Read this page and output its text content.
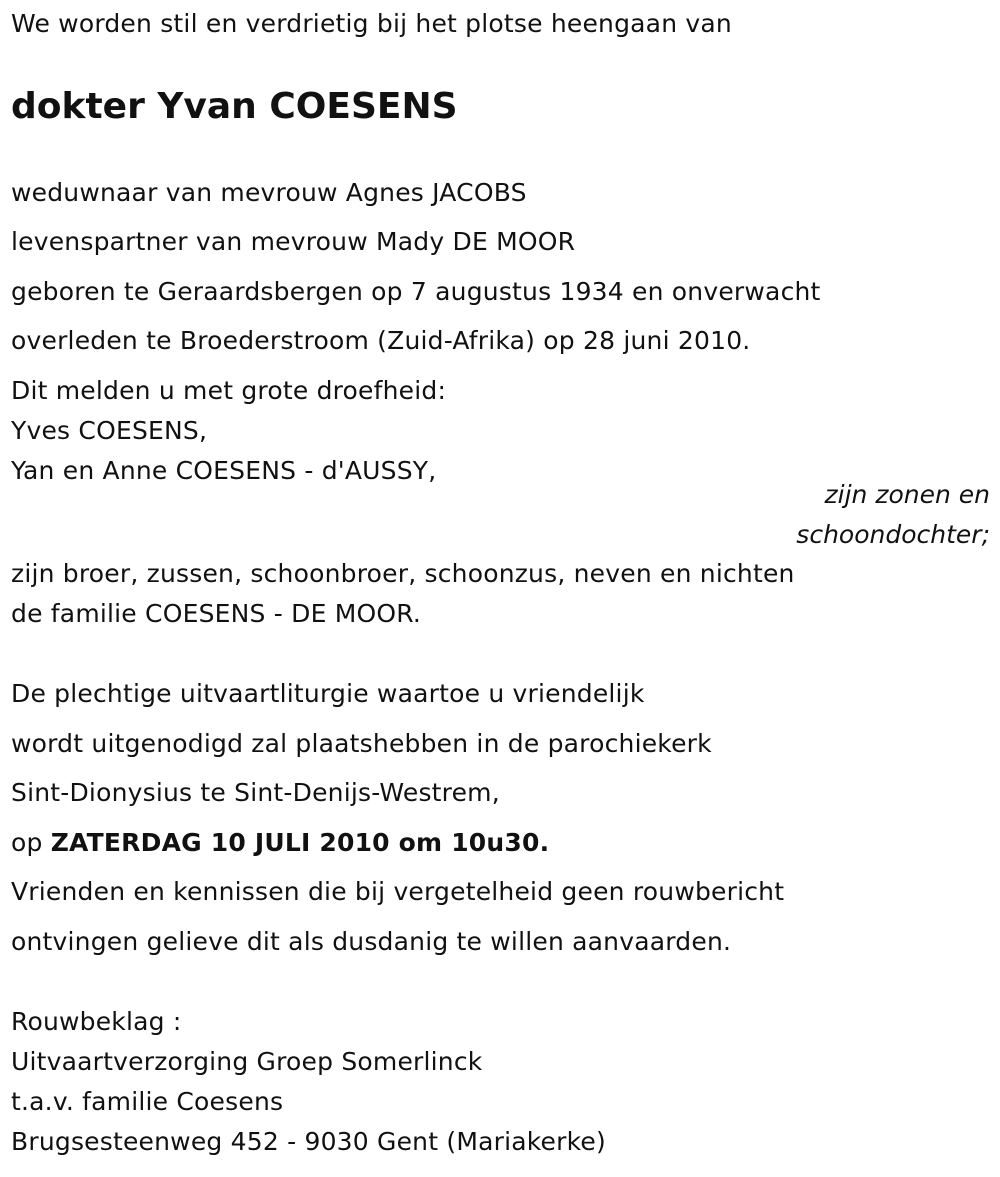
We worden stil en verdrietig bij het plotse heengaan van
dokter Yvan COESENS
weduwnaar van mevrouw Agnes JACOBS
levenspartner van mevrouw Mady DE MOOR
geboren te Geraardsbergen op 7 augustus 1934 en onverwacht
overleden te Broederstroom (Zuid-Afrika) op 28 juni 2010.
Dit melden u met grote droefheid:
Yves COESENS,
Yan en Anne COESENS - d'AUSSY,
zijn zonen en
schoondochter;
zijn broer, zussen, schoonbroer, schoonzus, neven en nichten
de familie COESENS - DE MOOR.
De plechtige uitvaartliturgie waartoe u vriendelijk
wordt uitgenodigd zal plaatshebben in de parochiekerk
Sint-Dionysius te Sint-Denijs-Westrem,
op ZATERDAG 10 JULI 2010 om 10u30.
Vrienden en kennissen die bij vergetelheid geen rouwbericht
ontvingen gelieve dit als dusdanig te willen aanvaarden.
Rouwbeklag :
Uitvaartverzorging Groep Somerlinck
t.a.v. familie Coesens
Brugsesteenweg 452 - 9030 Gent (Mariakerke)
